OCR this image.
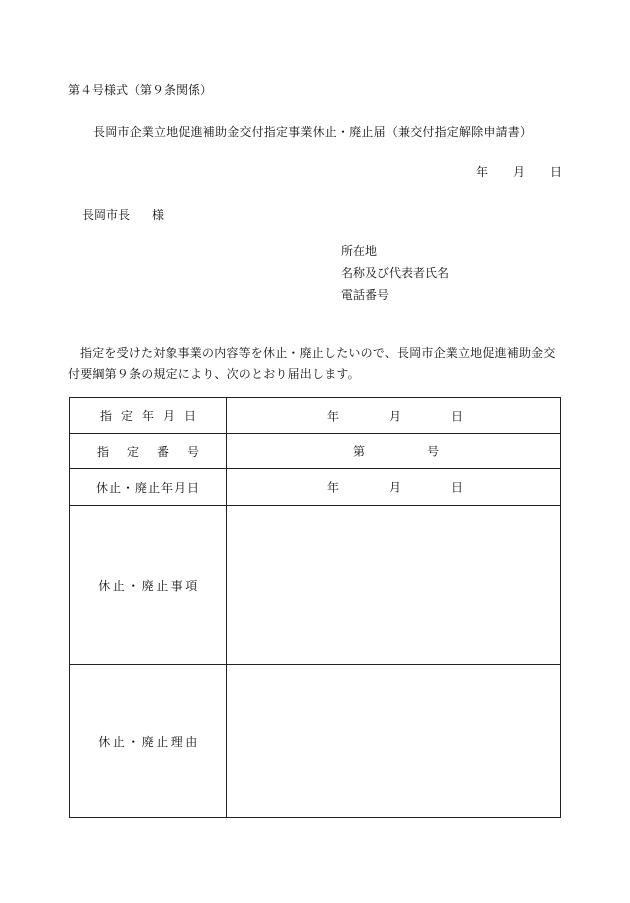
第４号様式（第９条関係）
長岡市企業立地促進補助金交付指定事業休止・廃止届（兼交付指定解除申請書）
年 月 日
長岡市長 様
所在地
名称及び代表者氏名
電話番号
指定を受けた対象事業の内容等を休止・廃止したいので、長岡市企業立地促進補助金交付要綱第９条の規定により、次のとおり届出します。
指定年月日	年	月	日
指定番号	第	号
休止・廃止年月日	年	月	日
休止・廃止事項
休止・廃止理由
